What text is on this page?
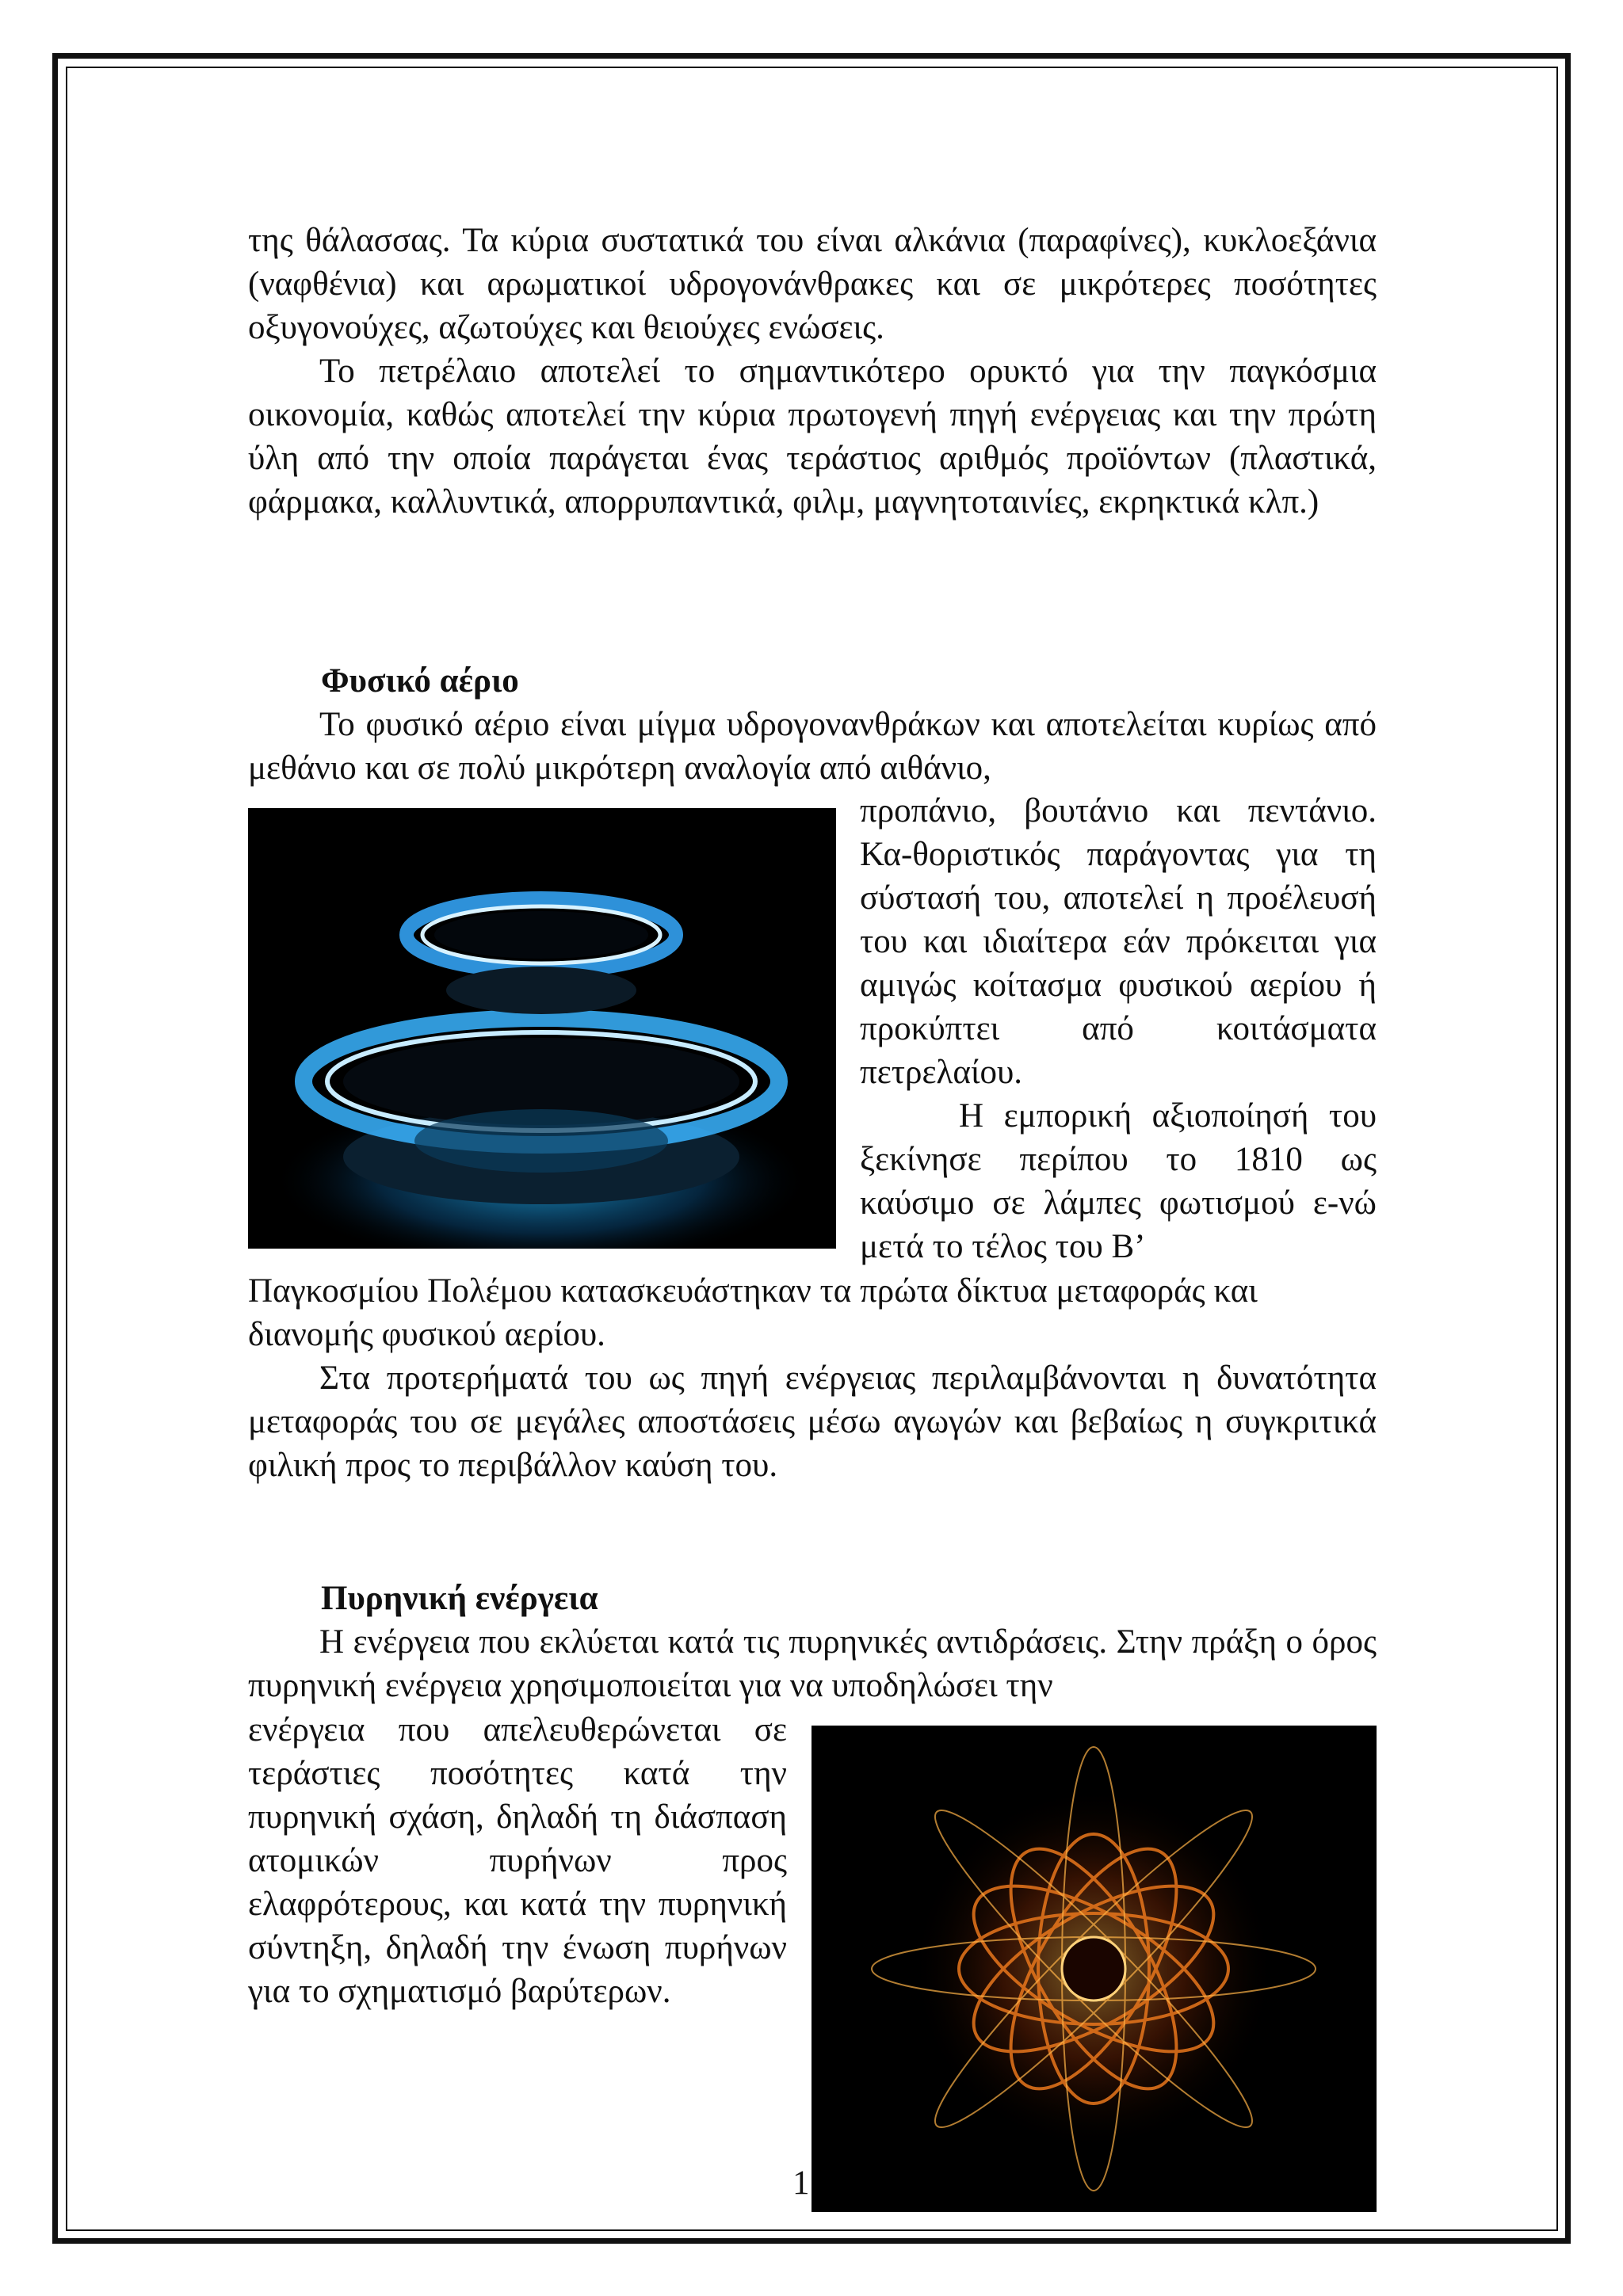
της θάλασσας. Τα κύρια συστατικά του είναι αλκάνια (παραφίνες), κυκλοεξάνια (ναφθένια) και αρωματικοί υδρογονάνθρακες και σε μικρότερες ποσότητες οξυγονούχες, αζωτούχες και θειούχες ενώσεις.

Το πετρέλαιο αποτελεί το σημαντικότερο ορυκτό για την παγκόσμια οικονομία, καθώς αποτελεί την κύρια πρωτογενή πηγή ενέργειας και την πρώτη ύλη από την οποία παράγεται ένας τεράστιος αριθμός προϊόντων (πλαστικά, φάρμακα, καλλυντικά, απορρυπαντικά, φιλμ, μαγνητοταινίες, εκρηκτικά κλπ.)

Φυσικό αέριο
Το φυσικό αέριο είναι μίγμα υδρογονανθράκων και αποτελείται κυρίως από μεθάνιο και σε πολύ μικρότερη αναλογία από αιθάνιο,

προπάνιο, βουτάνιο και πεντάνιο. Κα-θοριστικός παράγοντας για τη σύστασή του, αποτελεί η προέλευσή του και ιδιαίτερα εάν πρόκειται για αμιγώς κοίτασμα φυσικού αερίου ή προκύπτει από κοιτάσματα πετρελαίου.

Η εμπορική αξιοποίησή του ξεκίνησε περίπου το 1810 ως καύσιμο σε λάμπες φωτισμού ε-νώ μετά το τέλος του Β’

Παγκοσμίου Πολέμου κατασκευάστηκαν τα πρώτα δίκτυα μεταφοράς και διανομής φυσικού αερίου.

Στα προτερήματά του ως πηγή ενέργειας περιλαμβάνονται η δυνατότητα μεταφοράς του σε μεγάλες αποστάσεις μέσω αγωγών και βεβαίως η συγκριτικά φιλική προς το περιβάλλον καύση του.

Πυρηνική ενέργεια
Η ενέργεια που εκλύεται κατά τις πυρηνικές αντιδράσεις. Στην πράξη ο όρος πυρηνική ενέργεια χρησιμοποιείται για να υποδηλώσει την

ενέργεια που απελευθερώνεται σε τεράστιες ποσότητες κατά την πυρηνική σχάση, δηλαδή τη διάσπαση ατομικών πυρήνων προς ελαφρότερους, και κατά την πυρηνική σύντηξη, δηλαδή την ένωση πυρήνων για το σχηματισμό βαρύτερων.

1
